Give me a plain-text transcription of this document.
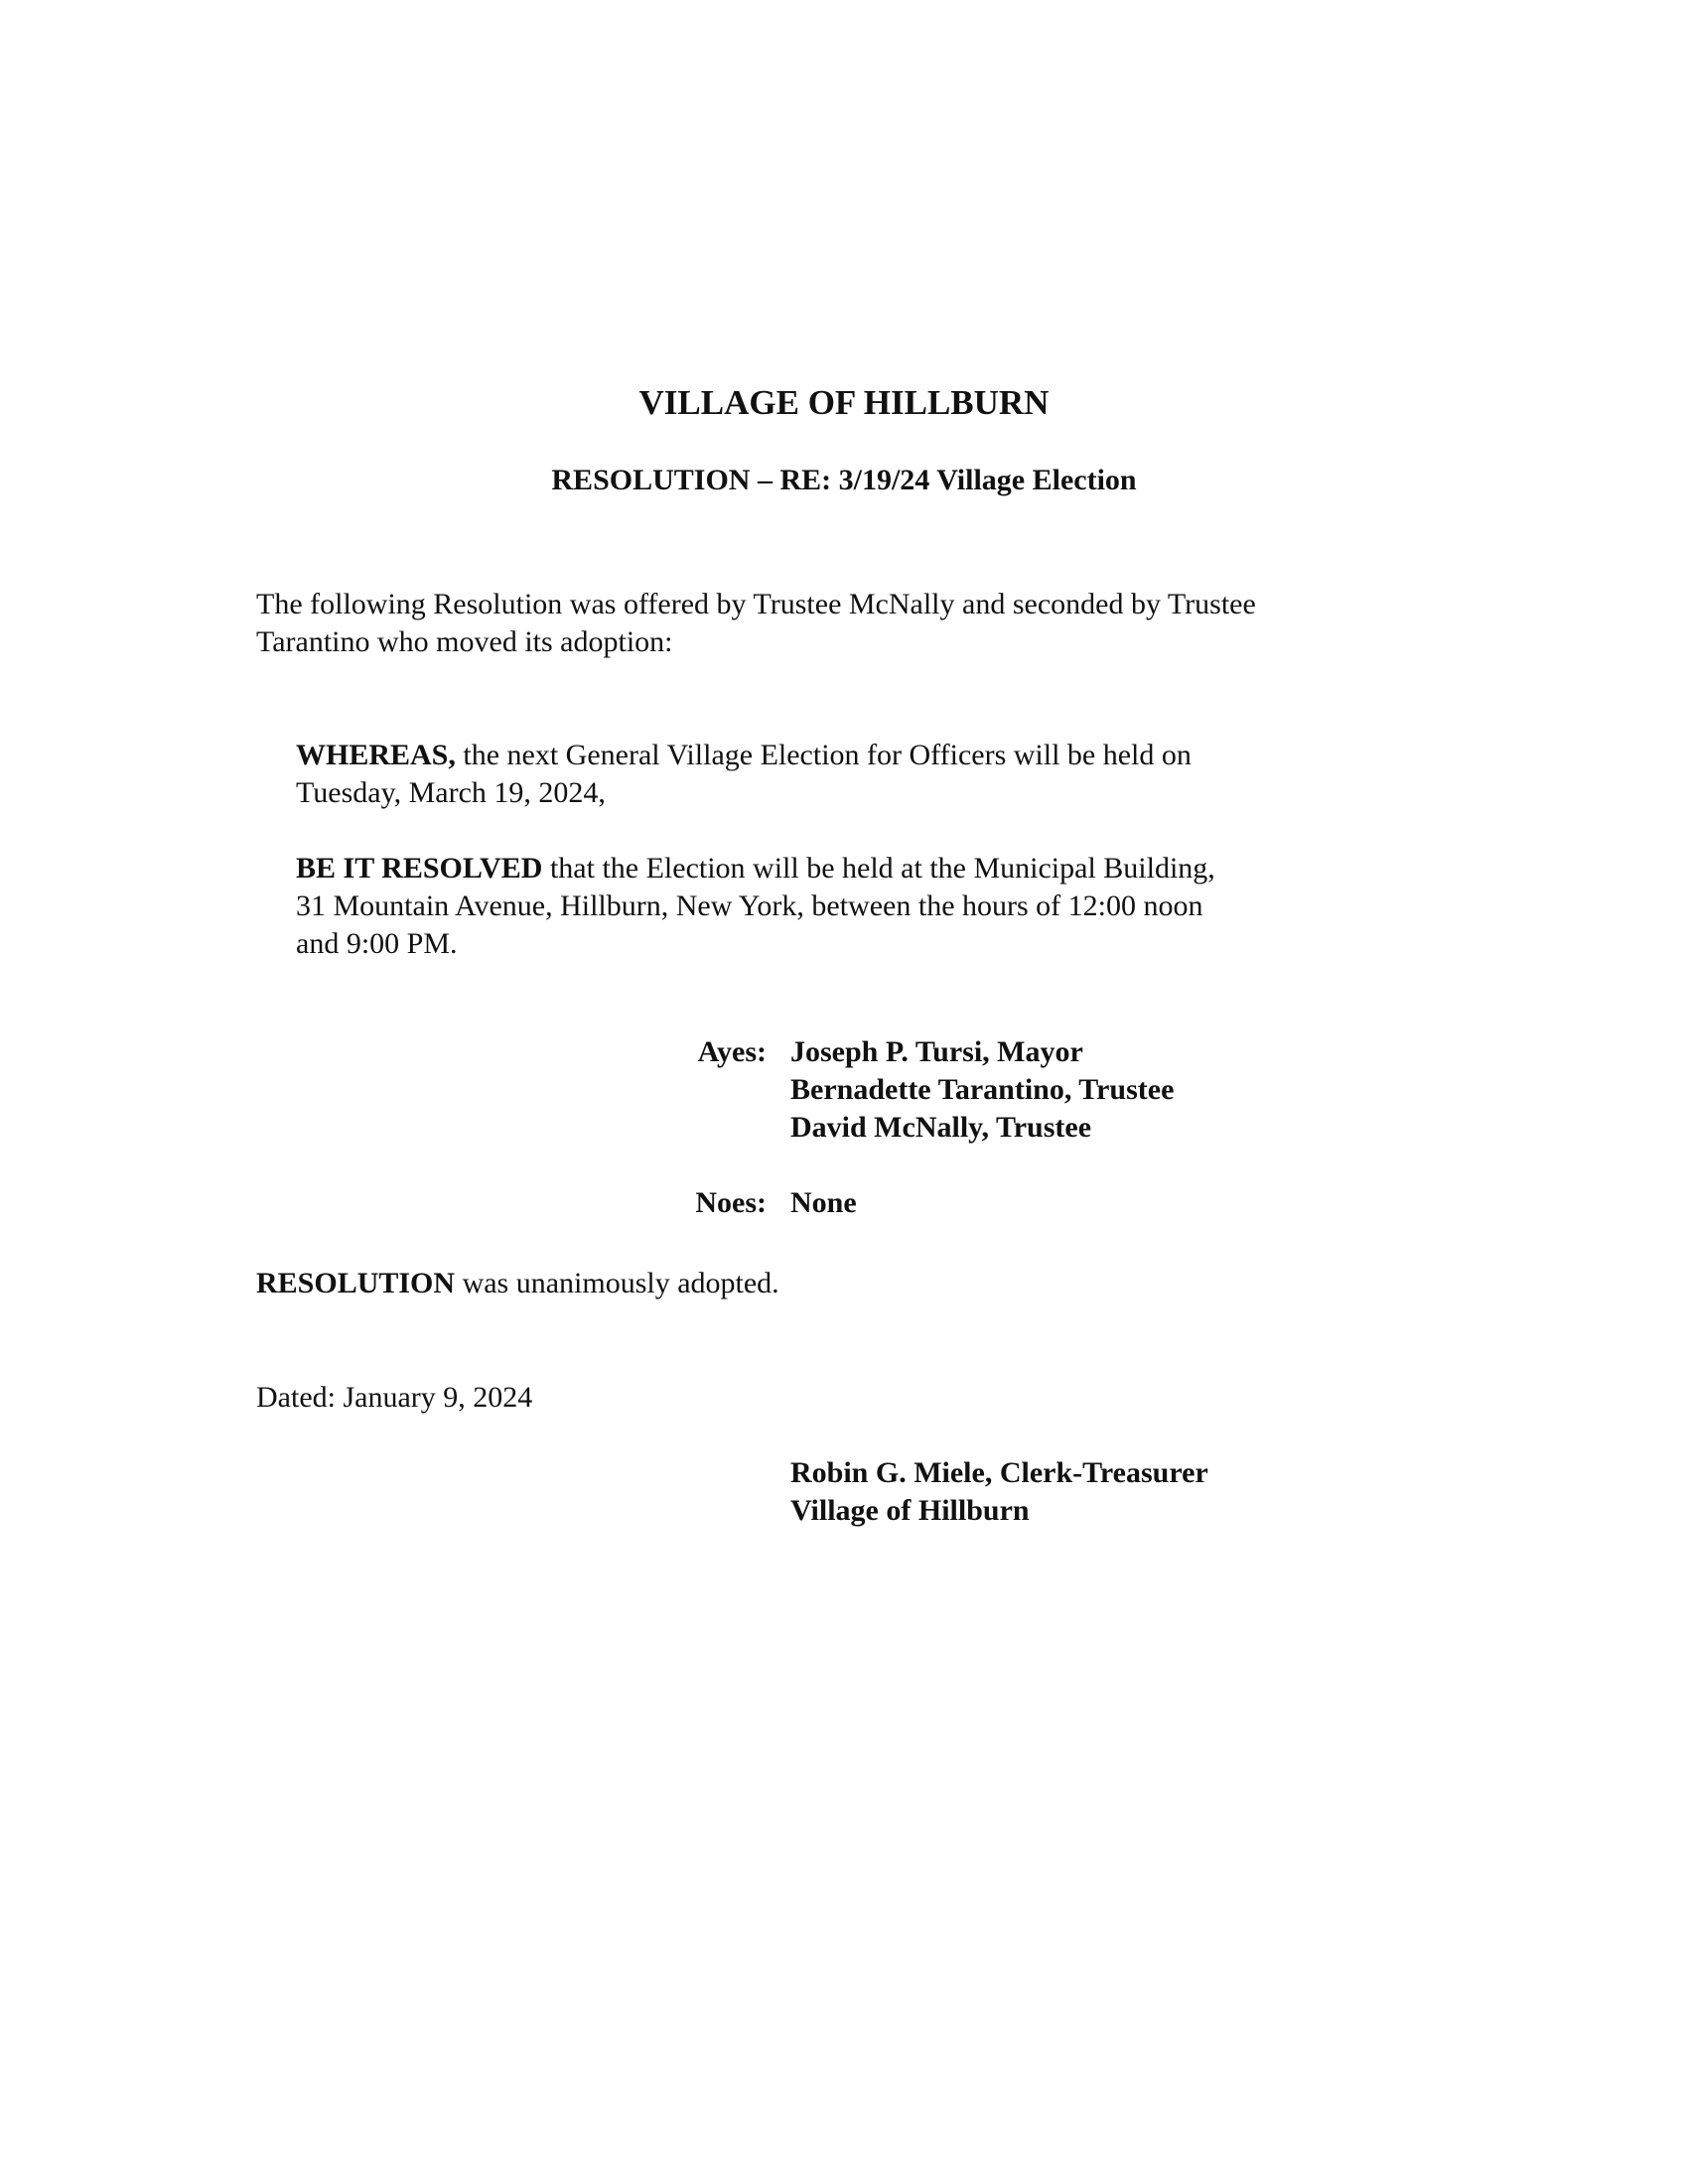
VILLAGE OF HILLBURN
RESOLUTION – RE: 3/19/24 Village Election
The following Resolution was offered by Trustee McNally and seconded by Trustee
Tarantino who moved its adoption:
WHEREAS, the next General Village Election for Officers will be held on
Tuesday, March 19, 2024,
BE IT RESOLVED that the Election will be held at the Municipal Building,
31 Mountain Avenue, Hillburn, New York, between the hours of 12:00 noon
and 9:00 PM.
Ayes: Joseph P. Tursi, Mayor
Bernadette Tarantino, Trustee
David McNally, Trustee
Noes: None
RESOLUTION was unanimously adopted.
Dated: January 9, 2024
Robin G. Miele, Clerk-Treasurer
Village of Hillburn
